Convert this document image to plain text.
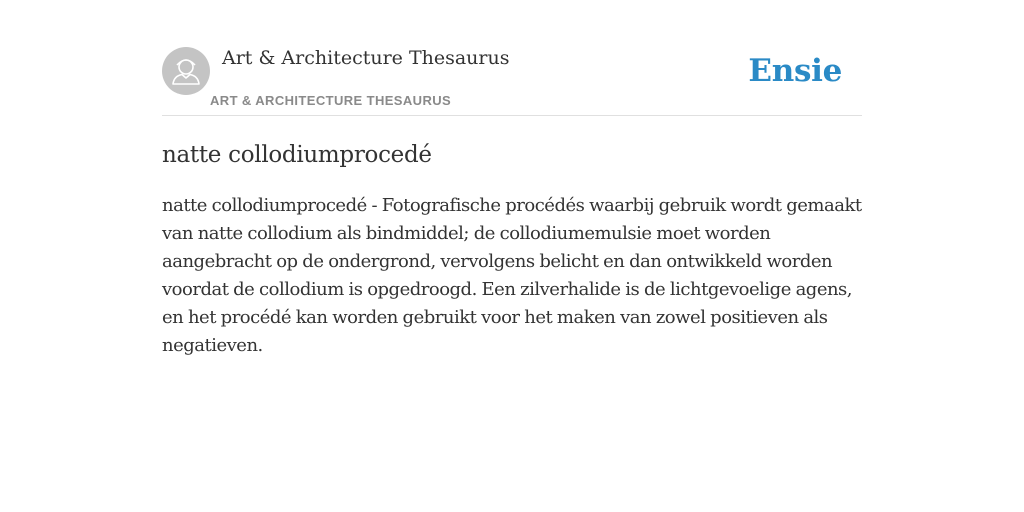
Art & Architecture Thesaurus
ART & ARCHITECTURE THESAURUS
Ensie
natte collodiumprocedé
natte collodiumprocedé - Fotografische procédés waarbij gebruik wordt gemaakt van natte collodium als bindmiddel; de collodiumemulsie moet worden aangebracht op de ondergrond, vervolgens belicht en dan ontwikkeld worden voordat de collodium is opgedroogd. Een zilverhalide is de lichtgevoelige agens, en het procédé kan worden gebruikt voor het maken van zowel positieven als negatieven.
